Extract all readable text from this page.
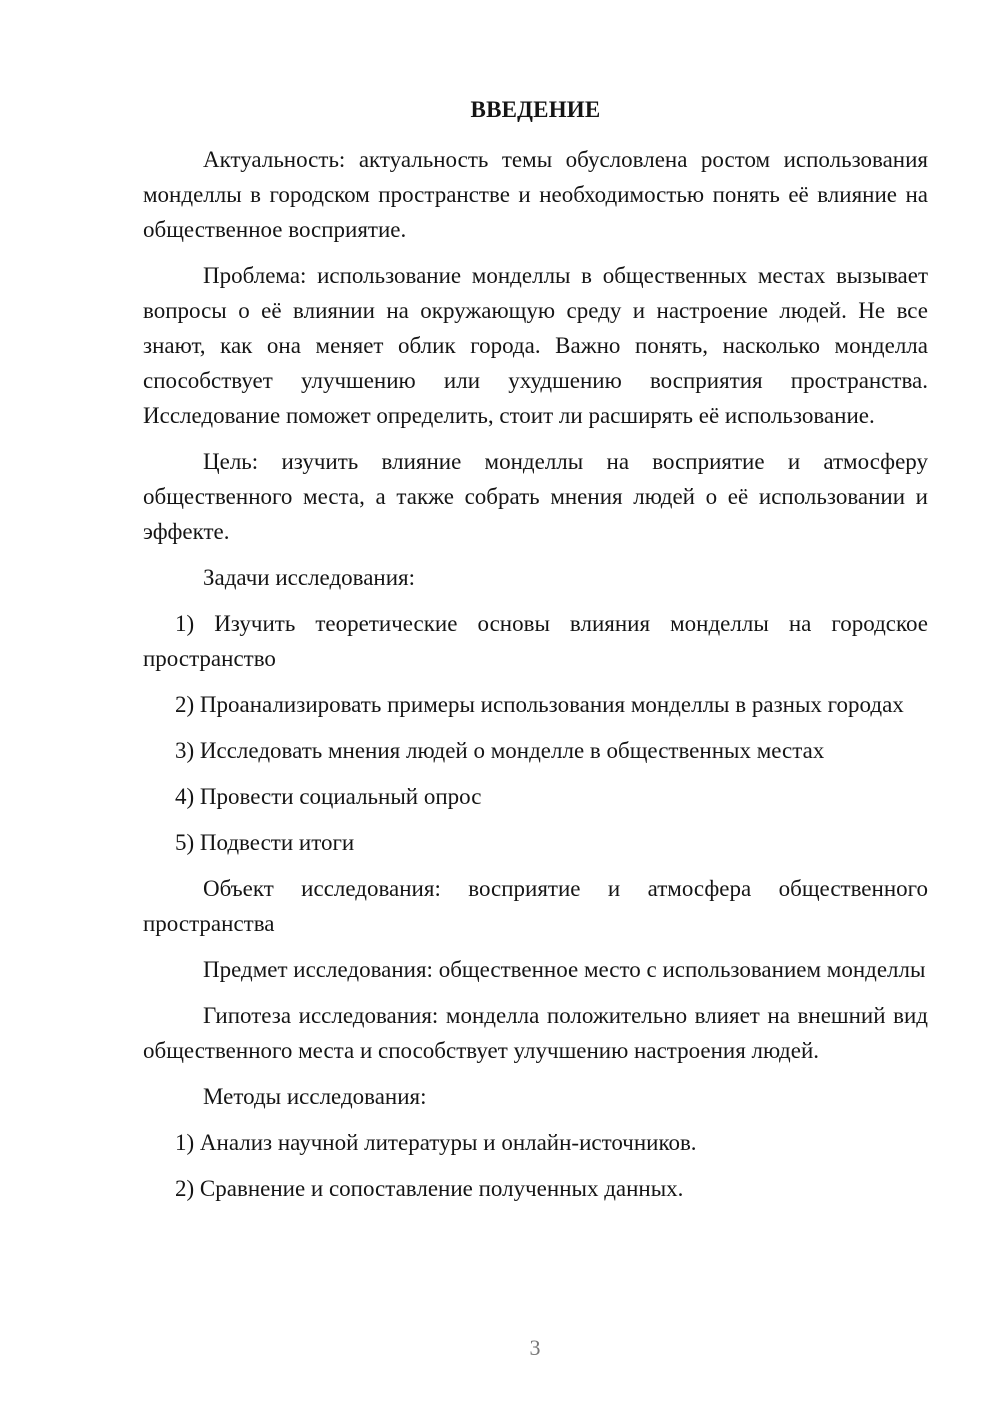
ВВЕДЕНИЕ

Актуальность: актуальность темы обусловлена ростом использования монделлы в городском пространстве и необходимостью понять её влияние на общественное восприятие.

Проблема: использование монделлы в общественных местах вызывает вопросы о её влиянии на окружающую среду и настроение людей. Не все знают, как она меняет облик города. Важно понять, насколько монделла способствует улучшению или ухудшению восприятия пространства. Исследование поможет определить, стоит ли расширять её использование.

Цель: изучить влияние монделлы на восприятие и атмосферу общественного места, а также собрать мнения людей о её использовании и эффекте.

Задачи исследования:

1) Изучить теоретические основы влияния монделлы на городское пространство

2) Проанализировать примеры использования монделлы в разных городах

3) Исследовать мнения людей о монделле в общественных местах

4) Провести социальный опрос

5) Подвести итоги

Объект исследования: восприятие и атмосфера общественного пространства

Предмет исследования: общественное место с использованием монделлы

Гипотеза исследования: монделла положительно влияет на внешний вид общественного места и способствует улучшению настроения людей.

Методы исследования:

1) Анализ научной литературы и онлайн-источников.

2) Сравнение и сопоставление полученных данных.

3
